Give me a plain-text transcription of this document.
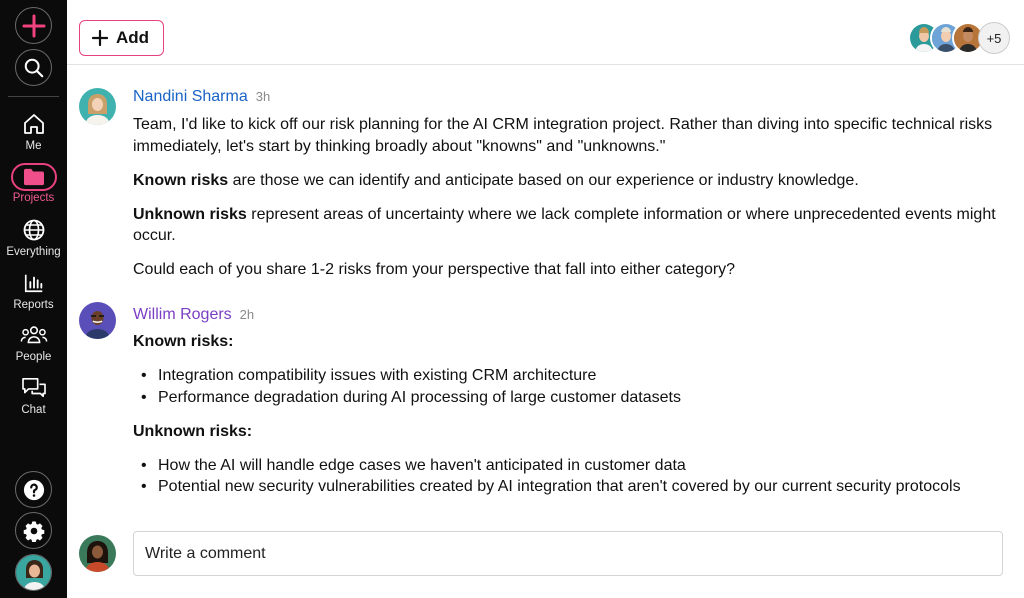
Me
Projects
Everything
Reports
People
Chat
Add	+5
Nandini Sharma 3h

Team, I'd like to kick off our risk planning for the AI CRM integration project. Rather than diving into specific technical risks immediately, let's start by thinking broadly about "knowns" and "unknowns."

Known risks are those we can identify and anticipate based on our experience or industry knowledge.

Unknown risks represent areas of uncertainty where we lack complete information or where unprecedented events might occur.

Could each of you share 1-2 risks from your perspective that fall into either category?

Willim Rogers 2h

Known risks:

• Integration compatibility issues with existing CRM architecture
• Performance degradation during AI processing of large customer datasets

Unknown risks:

• How the AI will handle edge cases we haven't anticipated in customer data
• Potential new security vulnerabilities created by AI integration that aren't covered by our current security protocols
Write a comment
